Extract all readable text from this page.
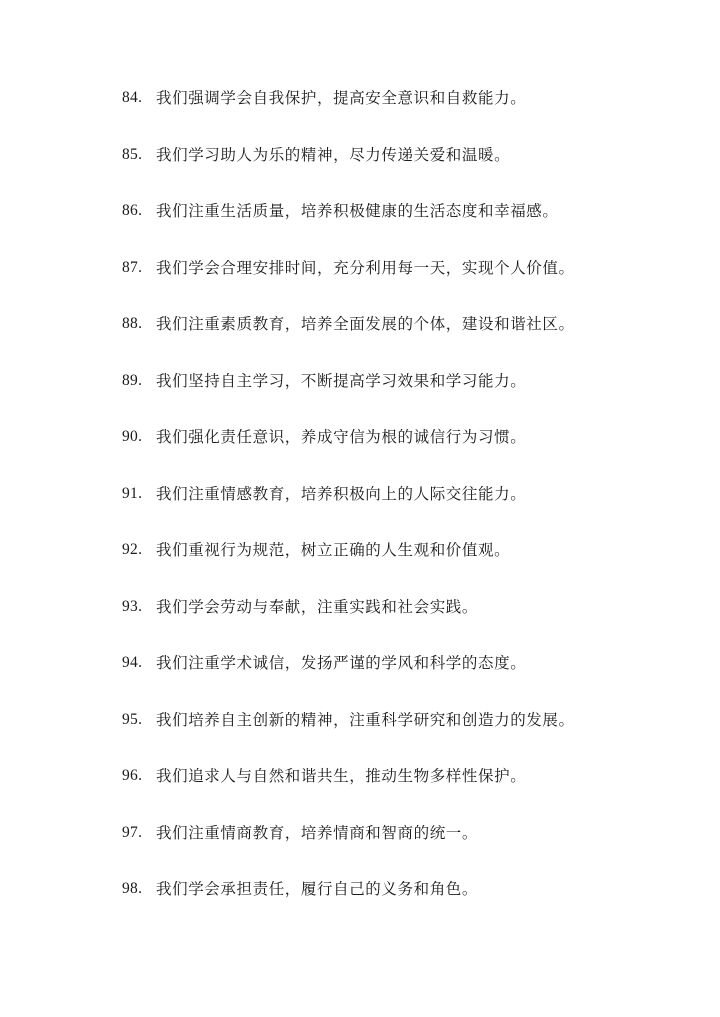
84. 我们强调学会自我保护，提高安全意识和自救能力。
85. 我们学习助人为乐的精神，尽力传递关爱和温暖。
86. 我们注重生活质量，培养积极健康的生活态度和幸福感。
87. 我们学会合理安排时间，充分利用每一天，实现个人价值。
88. 我们注重素质教育，培养全面发展的个体，建设和谐社区。
89. 我们坚持自主学习，不断提高学习效果和学习能力。
90. 我们强化责任意识，养成守信为根的诚信行为习惯。
91. 我们注重情感教育，培养积极向上的人际交往能力。
92. 我们重视行为规范，树立正确的人生观和价值观。
93. 我们学会劳动与奉献，注重实践和社会实践。
94. 我们注重学术诚信，发扬严谨的学风和科学的态度。
95. 我们培养自主创新的精神，注重科学研究和创造力的发展。
96. 我们追求人与自然和谐共生，推动生物多样性保护。
97. 我们注重情商教育，培养情商和智商的统一。
98. 我们学会承担责任，履行自己的义务和角色。
